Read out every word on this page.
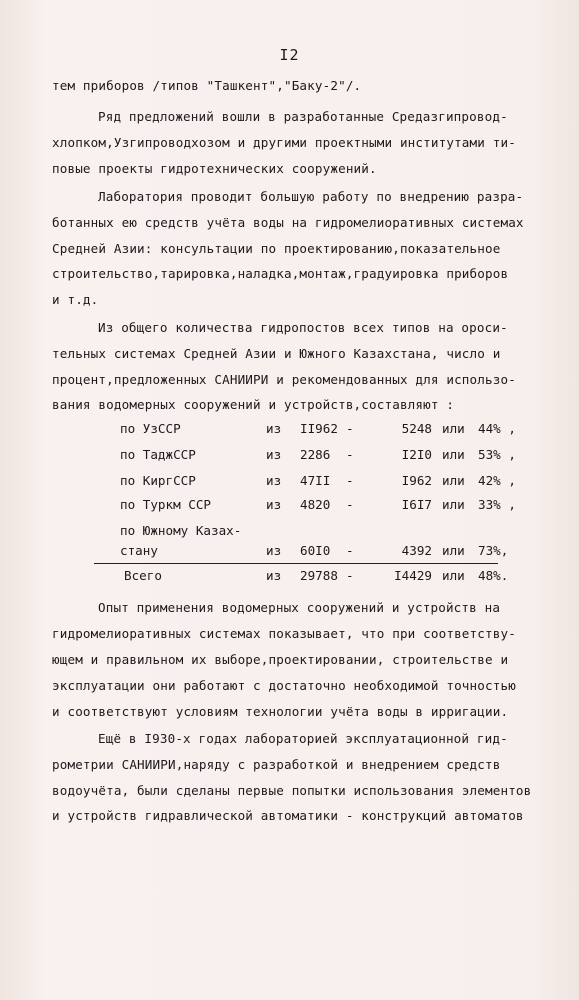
I2
тем приборов /типов "Ташкент","Баку-2"/.
Ряд предложений вошли в разработанные Средазгипровод-
хлопком,Узгипроводхозом и другими проектными институтами ти-
повые проекты гидротехнических сооружений.
Лаборатория проводит большую работу по внедрению разра-
ботанных ею средств учёта воды на гидромелиоративных системах
Средней Азии: консультации по проектированию,показательное
строительство,тарировка,наладка,монтаж,градуировка приборов
и т.д.
Из общего количества гидропостов всех типов на ороси-
тельных системах Средней Азии и Южного Казахстана, число и
процент,предложенных САНИИРИ и рекомендованных для использо-
вания водомерных сооружений и устройств,составляют :
по УзССР	из II962 -	5248 или 44% ,
по ТаджССР	из 2286 -	I2I0 или 53% ,
по КиргССР	из 47II -	I962 или 42% ,
по Туркм ССР	из 4820 -	I6I7 или 33% ,
по Южному Казах-
стану	из 60I0 -	4392 или 73%,
Всего	из 29788 -	I4429 или 48%.
Опыт применения водомерных сооружений и устройств на
гидромелиоративных системах показывает, что при соответству-
ющем и правильном их выборе,проектировании, строительстве и
эксплуатации они работают с достаточно необходимой точностью
и соответствуют условиям технологии учёта воды в ирригации.
Ещё в I930-х годах лабораторией эксплуатационной гид-
рометрии САНИИРИ,наряду с разработкой и внедрением средств
водоучёта, были сделаны первые попытки использования элементов
и устройств гидравлической автоматики - конструкций автоматов
